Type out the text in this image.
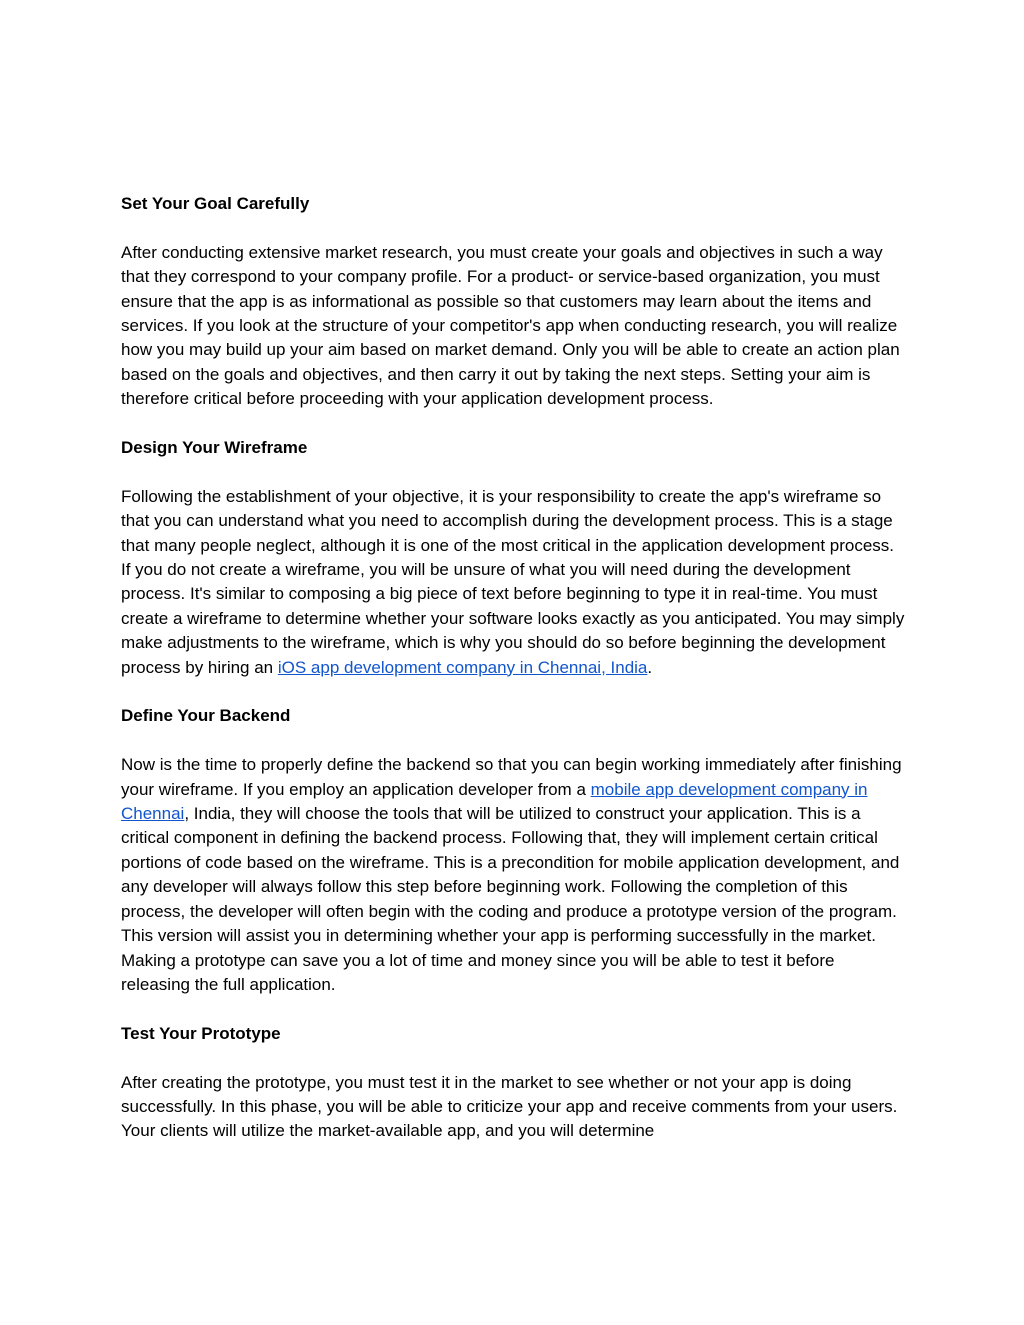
Set Your Goal Carefully

After conducting extensive market research, you must create your goals and objectives in such a way that they correspond to your company profile. For a product- or service-based organization, you must ensure that the app is as informational as possible so that customers may learn about the items and services. If you look at the structure of your competitor's app when conducting research, you will realize how you may build up your aim based on market demand. Only you will be able to create an action plan based on the goals and objectives, and then carry it out by taking the next steps. Setting your aim is therefore critical before proceeding with your application development process.

Design Your Wireframe

Following the establishment of your objective, it is your responsibility to create the app's wireframe so that you can understand what you need to accomplish during the development process. This is a stage that many people neglect, although it is one of the most critical in the application development process. If you do not create a wireframe, you will be unsure of what you will need during the development process. It's similar to composing a big piece of text before beginning to type it in real-time. You must create a wireframe to determine whether your software looks exactly as you anticipated. You may simply make adjustments to the wireframe, which is why you should do so before beginning the development process by hiring an iOS app development company in Chennai, India.

Define Your Backend

Now is the time to properly define the backend so that you can begin working immediately after finishing your wireframe. If you employ an application developer from a mobile app development company in Chennai, India, they will choose the tools that will be utilized to construct your application. This is a critical component in defining the backend process. Following that, they will implement certain critical portions of code based on the wireframe. This is a precondition for mobile application development, and any developer will always follow this step before beginning work. Following the completion of this process, the developer will often begin with the coding and produce a prototype version of the program. This version will assist you in determining whether your app is performing successfully in the market. Making a prototype can save you a lot of time and money since you will be able to test it before releasing the full application.

Test Your Prototype

After creating the prototype, you must test it in the market to see whether or not your app is doing successfully. In this phase, you will be able to criticize your app and receive comments from your users. Your clients will utilize the market-available app, and you will determine
